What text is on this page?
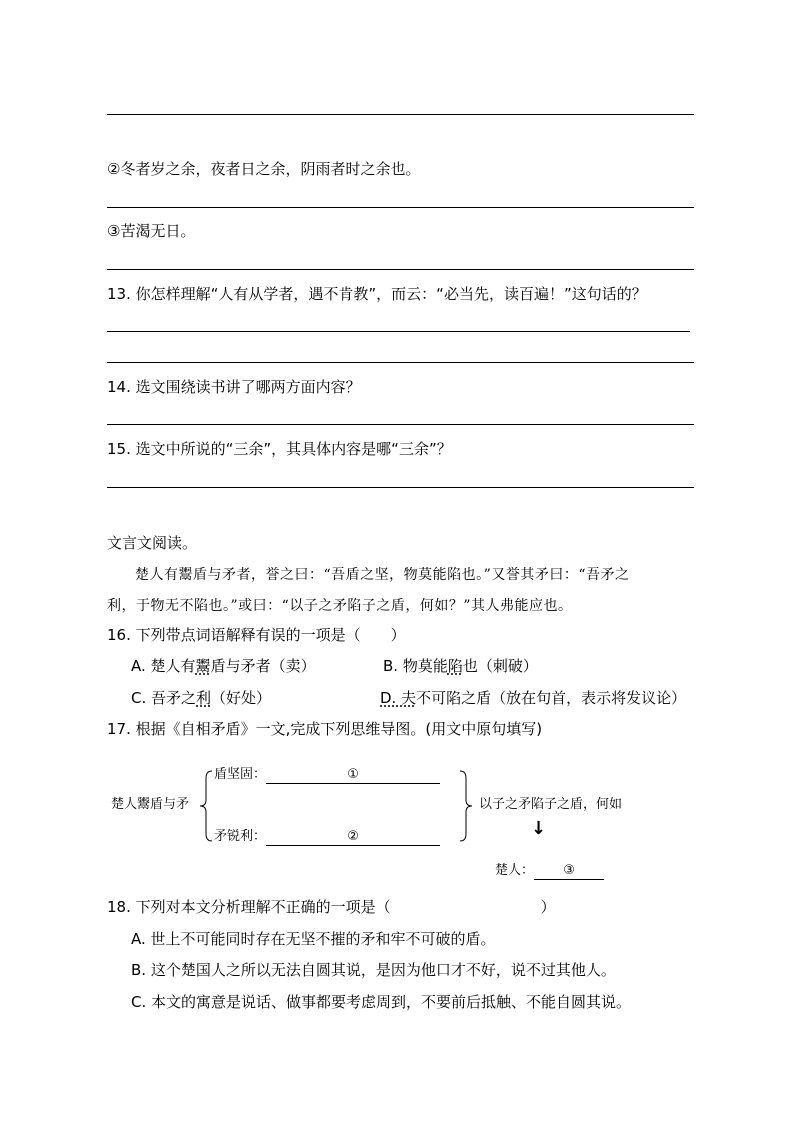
②冬者岁之余，夜者日之余，阴雨者时之余也。
③苦渴无日。
13. 你怎样理解“人有从学者，遇不肯教”，而云：“必当先，读百遍！”这句话的？
14. 选文围绕读书讲了哪两方面内容？
15. 选文中所说的“三余”，其具体内容是哪“三余”？
文言文阅读。
楚人有鬻盾与矛者，誉之曰：“吾盾之坚，物莫能陷也。”又誉其矛曰：“吾矛之
利，于物无不陷也。”或曰：“以子之矛陷子之盾，何如？”其人弗能应也。
16. 下列带点词语解释有误的一项是（　　）
A. 楚人有鬻盾与矛者（卖）	B. 物莫能陷也（刺破）
C. 吾矛之利（好处）	D. 夫不可陷之盾（放在句首，表示将发议论）
17. 根据《自相矛盾》一文,完成下列思维导图。(用文中原句填写)
楚人鬻盾与矛
盾坚固：	①
矛锐利：	②
以子之矛陷子之盾，何如
↓
楚人： ③
18. 下列对本文分析理解不正确的一项是（	）
A. 世上不可能同时存在无坚不摧的矛和牢不可破的盾。
B. 这个楚国人之所以无法自圆其说，是因为他口才不好，说不过其他人。
C. 本文的寓意是说话、做事都要考虑周到，不要前后抵触、不能自圆其说。
